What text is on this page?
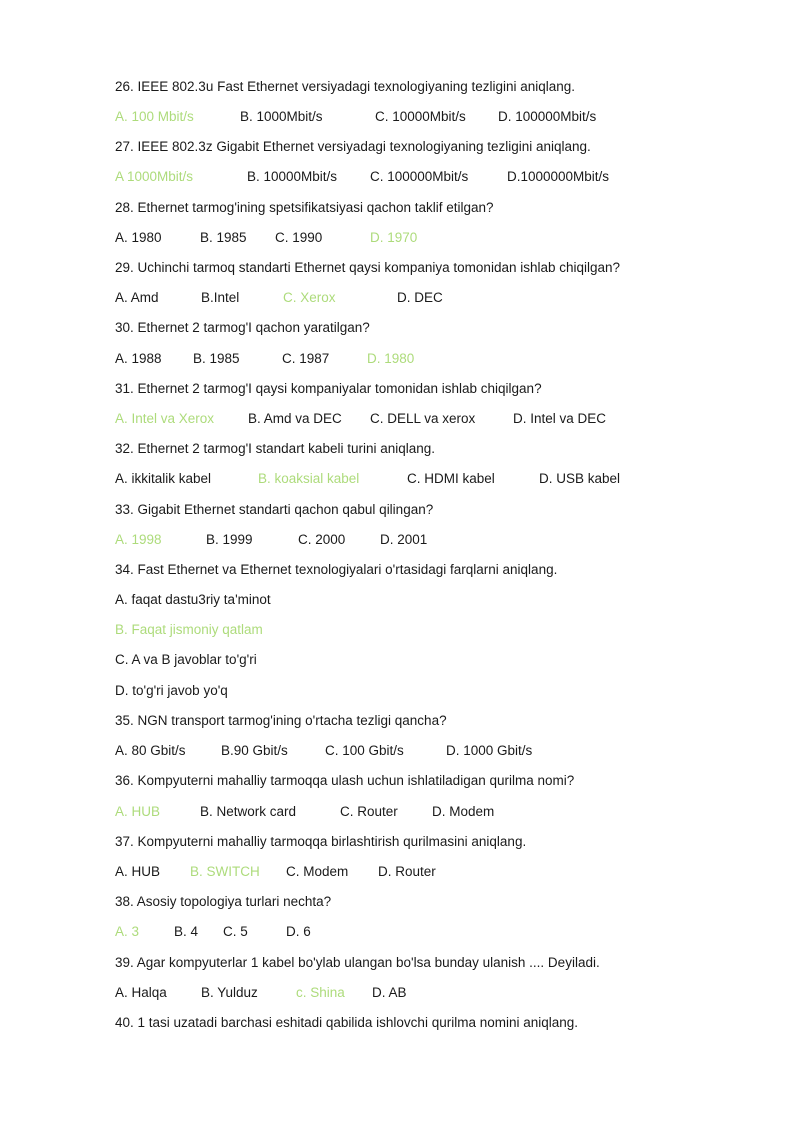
26. IEEE 802.3u Fast Ethernet versiyadagi texnologiyaning tezligini aniqlang.
A. 100 Mbit/s	B. 1000Mbit/s	C. 10000Mbit/s D. 100000Mbit/s
27. IEEE 802.3z Gigabit Ethernet versiyadagi texnologiyaning tezligini aniqlang.
A 1000Mbit/s	B. 10000Mbit/s C. 100000Mbit/s	D.1000000Mbit/s
28. Ethernet tarmog'ining spetsifikatsiyasi qachon taklif etilgan?
A. 1980	B. 1985 C. 1990	D. 1970
29. Uchinchi tarmoq standarti Ethernet qaysi kompaniya tomonidan ishlab chiqilgan?
A. Amd	B.Intel	C. Xerox	D. DEC
30. Ethernet 2 tarmog'I qachon yaratilgan?
A. 1988 B. 1985	C. 1987	D. 1980
31. Ethernet 2 tarmog'I qaysi kompaniyalar tomonidan ishlab chiqilgan?
A. Intel va Xerox	B. Amd va DEC C. DELL va xerox	D. Intel va DEC
32. Ethernet 2 tarmog'I standart kabeli turini aniqlang.
A. ikkitalik kabel	B. koaksial kabel	C. HDMI kabel	D. USB kabel
33. Gigabit Ethernet standarti qachon qabul qilingan?
A. 1998	B. 1999	C. 2000	D. 2001
34. Fast Ethernet va Ethernet texnologiyalari o'rtasidagi farqlarni aniqlang.
A. faqat dastu3riy ta'minot
B. Faqat jismoniy qatlam
C. A va B javoblar to'g'ri
D. to'g'ri javob yo'q
35. NGN transport tarmog'ining o'rtacha tezligi qancha?
A. 80 Gbit/s	B.90 Gbit/s	C. 100 Gbit/s	D. 1000 Gbit/s
36. Kompyuterni mahalliy tarmoqqa ulash uchun ishlatiladigan qurilma nomi?
A. HUB	B. Network card	C. Router	D. Modem
37. Kompyuterni mahalliy tarmoqqa birlashtirish qurilmasini aniqlang.
A. HUB B. SWITCH C. Modem D. Router
38. Asosiy topologiya turlari nechta?
A. 3	B. 4 C. 5	D. 6
39. Agar kompyuterlar 1 kabel bo'ylab ulangan bo'lsa bunday ulanish .... Deyiladi.
A. Halqa	B. Yulduz	c. Shina D. AB
40. 1 tasi uzatadi barchasi eshitadi qabilida ishlovchi qurilma nomini aniqlang.
